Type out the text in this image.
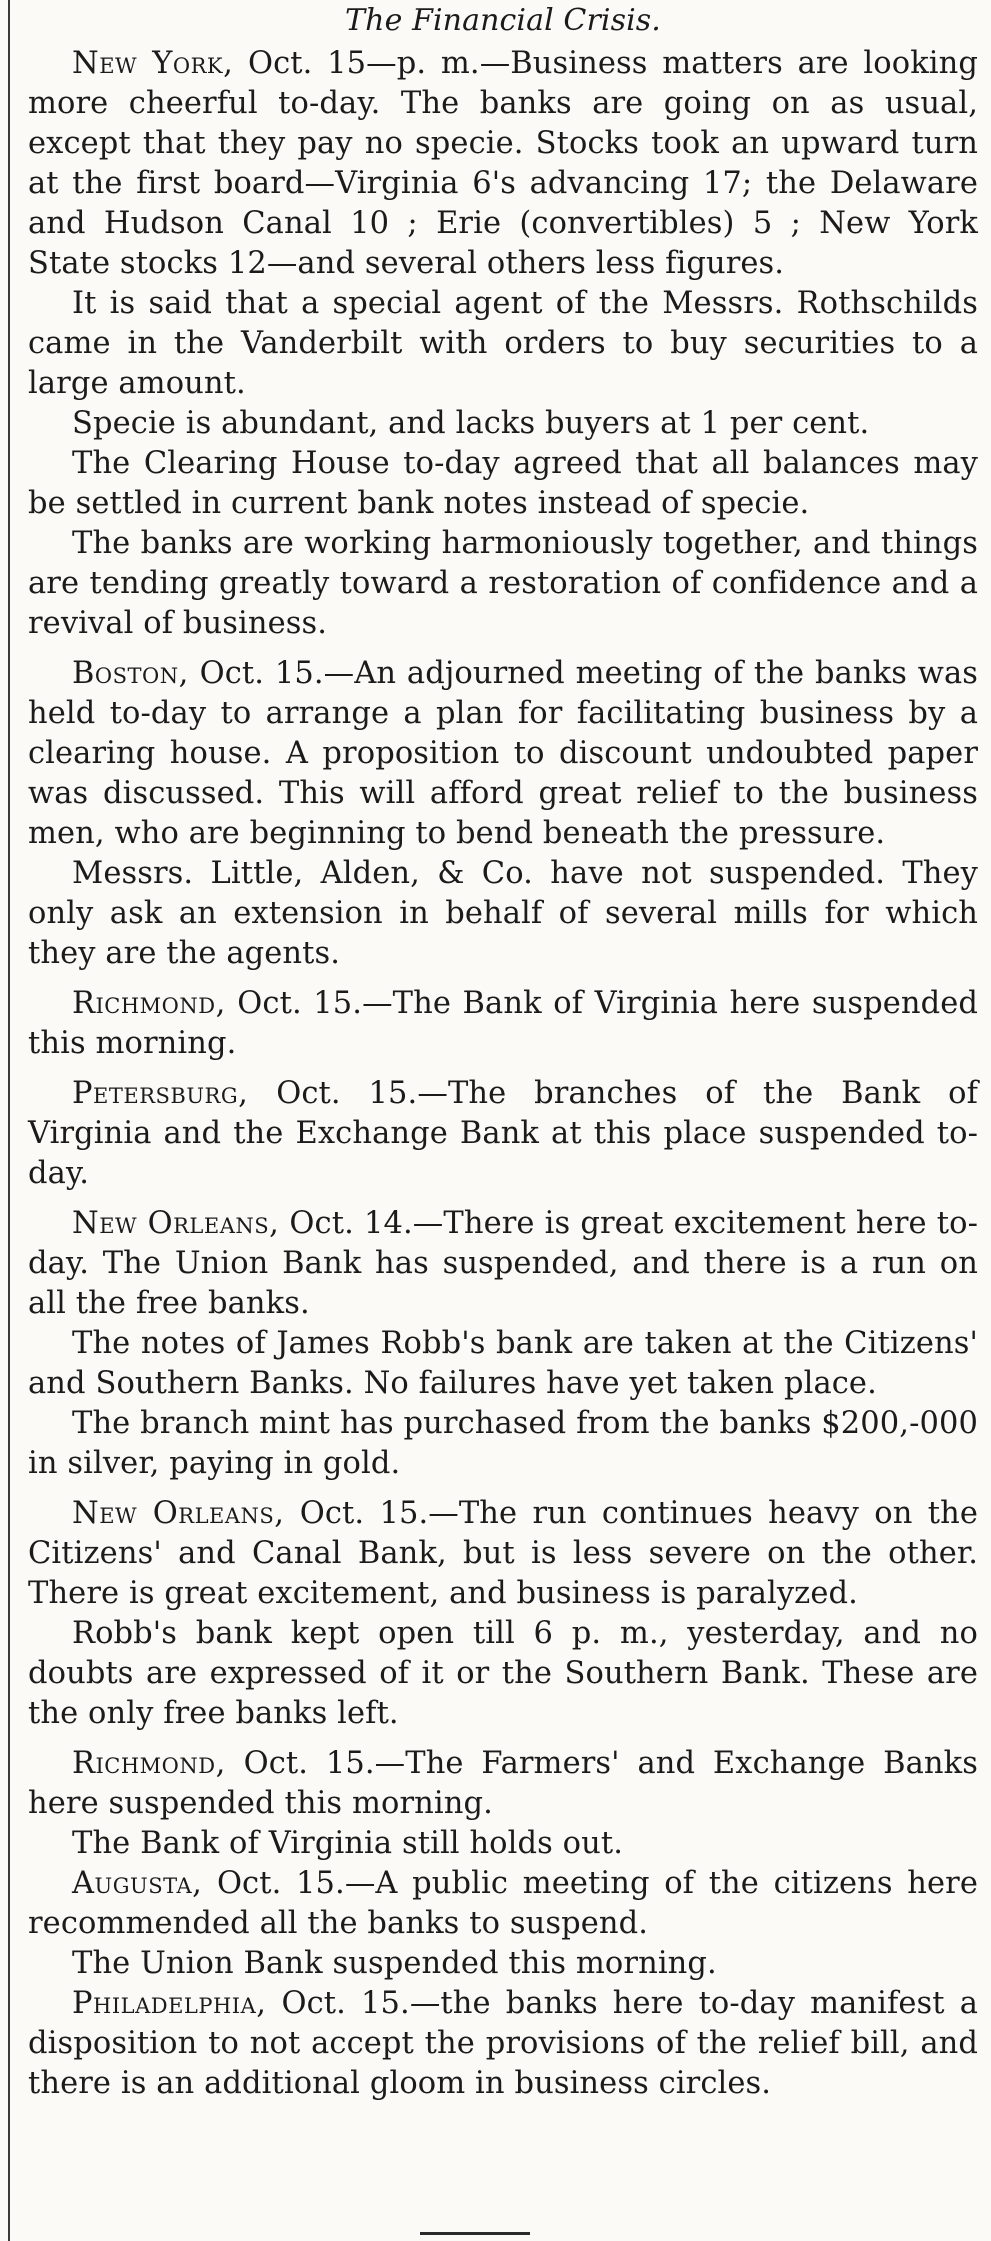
The Financial Crisis.

New York, Oct. 15—p. m.—Business matters are looking more cheerful to-day. The banks are going on as usual, except that they pay no specie. Stocks took an upward turn at the first board—Virginia 6's advancing 17; the Delaware and Hudson Canal 10 ; Erie (convertibles) 5 ; New York State stocks 12—and several others less figures.

It is said that a special agent of the Messrs. Rothschilds came in the Vanderbilt with orders to buy securities to a large amount.

Specie is abundant, and lacks buyers at 1 per cent.

The Clearing House to-day agreed that all balances may be settled in current bank notes instead of specie.

The banks are working harmoniously together, and things are tending greatly toward a restoration of confidence and a revival of business.

Boston, Oct. 15.—An adjourned meeting of the banks was held to-day to arrange a plan for facilitating business by a clearing house. A proposition to discount undoubted paper was discussed. This will afford great relief to the business men, who are beginning to bend beneath the pressure.

Messrs. Little, Alden, & Co. have not suspended. They only ask an extension in behalf of several mills for which they are the agents.

Richmond, Oct. 15.—The Bank of Virginia here suspended this morning.

Petersburg, Oct. 15.—The branches of the Bank of Virginia and the Exchange Bank at this place suspended to-day.

New Orleans, Oct. 14.—There is great excitement here to-day. The Union Bank has suspended, and there is a run on all the free banks.

The notes of James Robb's bank are taken at the Citizens' and Southern Banks. No failures have yet taken place.

The branch mint has purchased from the banks $200,-000 in silver, paying in gold.

New Orleans, Oct. 15.—The run continues heavy on the Citizens' and Canal Bank, but is less severe on the other. There is great excitement, and business is paralyzed.

Robb's bank kept open till 6 p. m., yesterday, and no doubts are expressed of it or the Southern Bank. These are the only free banks left.

Richmond, Oct. 15.—The Farmers' and Exchange Banks here suspended this morning.

The Bank of Virginia still holds out.

Augusta, Oct. 15.—A public meeting of the citizens here recommended all the banks to suspend.

The Union Bank suspended this morning.

Philadelphia, Oct. 15.—the banks here to-day manifest a disposition to not accept the provisions of the relief bill, and there is an additional gloom in business circles.
